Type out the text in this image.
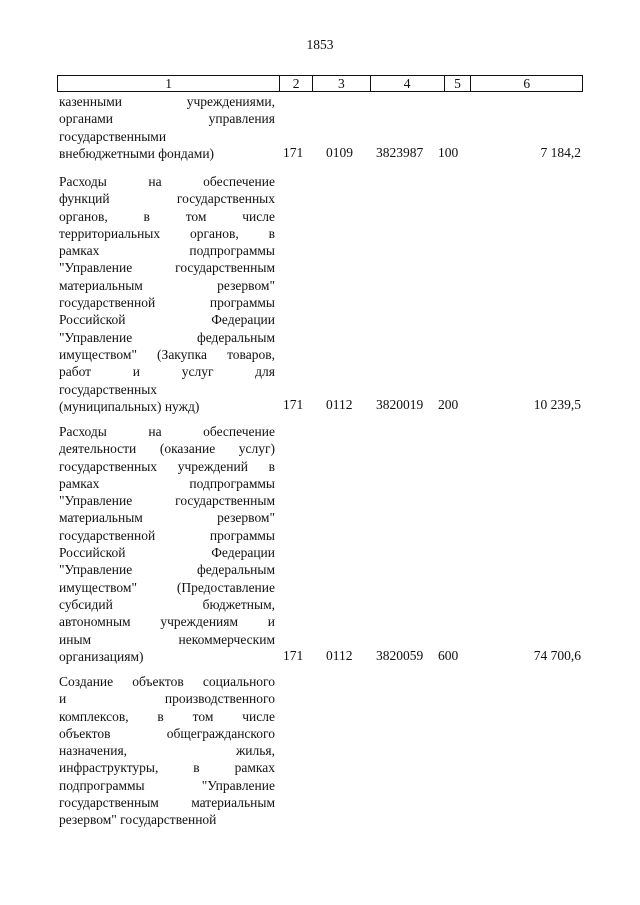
1853
1	2	3	4	5	6
казенными учреждениями,
органами управления
государственными
внебюджетными фондами)	171 0109 3823987 100	7 184,2
Расходы на обеспечение
функций государственных
органов, в том числе
территориальных органов, в
рамках подпрограммы
"Управление государственным
материальным резервом"
государственной программы
Российской Федерации
"Управление федеральным
имуществом" (Закупка товаров,
работ и услуг для
государственных
(муниципальных) нужд)	171 0112 3820019 200	10 239,5
Расходы на обеспечение
деятельности (оказание услуг)
государственных учреждений в
рамках подпрограммы
"Управление государственным
материальным резервом"
государственной программы
Российской Федерации
"Управление федеральным
имуществом" (Предоставление
субсидий бюджетным,
автономным учреждениям и
иным некоммерческим
организациям)	171 0112 3820059 600	74 700,6
Создание объектов социального
и производственного
комплексов, в том числе
объектов общегражданского
назначения, жилья,
инфраструктуры, в рамках
подпрограммы "Управление
государственным материальным
резервом" государственной
